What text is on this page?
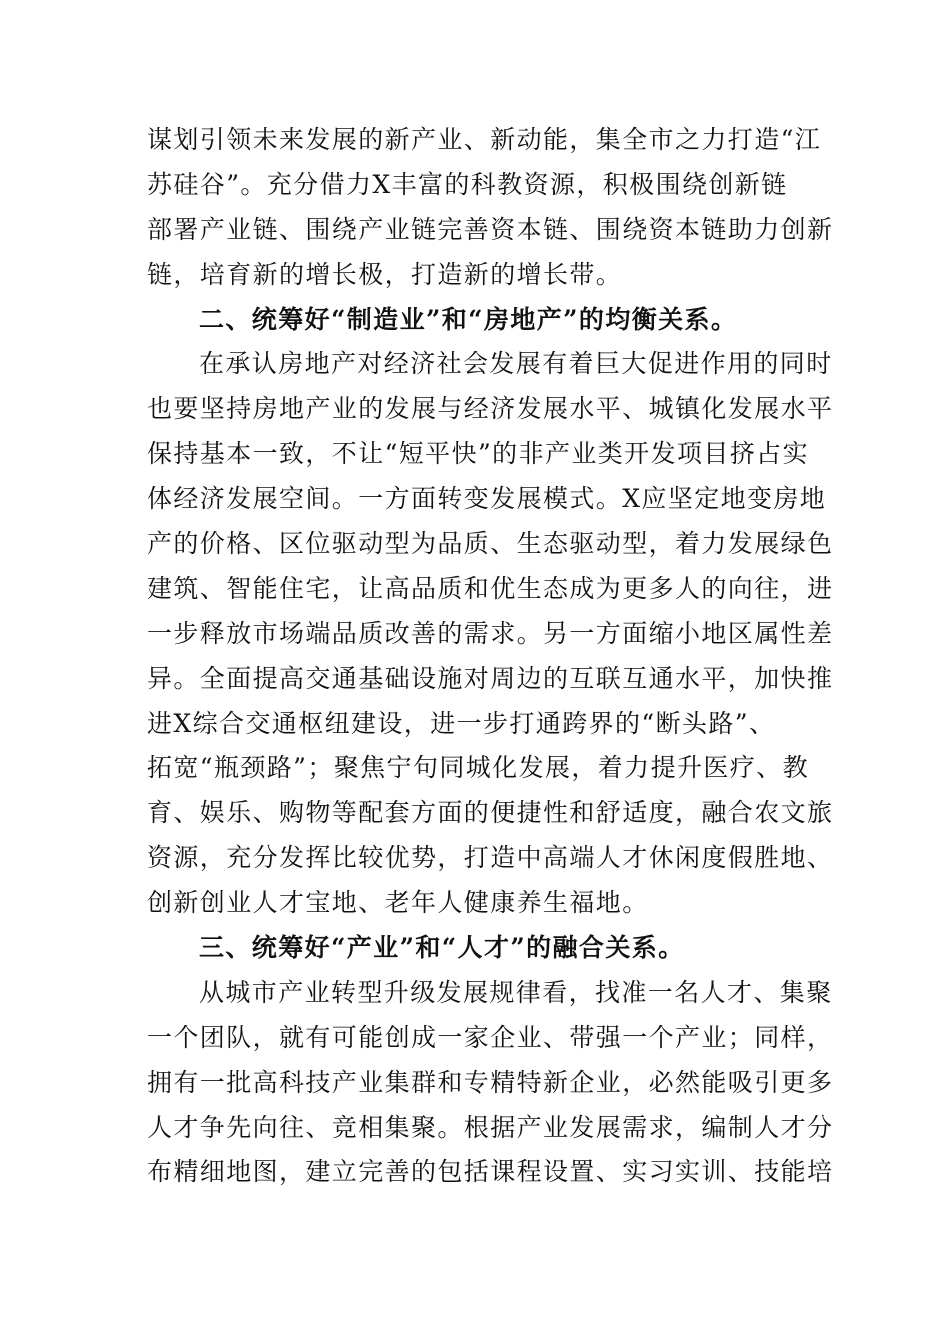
谋划引领未来发展的新产业、新动能，集全市之力打造“江
苏硅谷”。充分借力X丰富的科教资源，积极围绕创新链
部署产业链、围绕产业链完善资本链、围绕资本链助力创新
链，培育新的增长极，打造新的增长带。
二、统筹好“制造业”和“房地产”的均衡关系。
在承认房地产对经济社会发展有着巨大促进作用的同时
也要坚持房地产业的发展与经济发展水平、城镇化发展水平
保持基本一致，不让“短平快”的非产业类开发项目挤占实
体经济发展空间。一方面转变发展模式。X应坚定地变房地
产的价格、区位驱动型为品质、生态驱动型，着力发展绿色
建筑、智能住宅，让高品质和优生态成为更多人的向往，进
一步释放市场端品质改善的需求。另一方面缩小地区属性差
异。全面提高交通基础设施对周边的互联互通水平，加快推
进X综合交通枢纽建设，进一步打通跨界的“断头路”、
拓宽“瓶颈路”；聚焦宁句同城化发展，着力提升医疗、教
育、娱乐、购物等配套方面的便捷性和舒适度，融合农文旅
资源，充分发挥比较优势，打造中高端人才休闲度假胜地、
创新创业人才宝地、老年人健康养生福地。
三、统筹好“产业”和“人才”的融合关系。
从城市产业转型升级发展规律看，找准一名人才、集聚
一个团队，就有可能创成一家企业、带强一个产业；同样，
拥有一批高科技产业集群和专精特新企业，必然能吸引更多
人才争先向往、竞相集聚。根据产业发展需求，编制人才分
布精细地图，建立完善的包括课程设置、实习实训、技能培
